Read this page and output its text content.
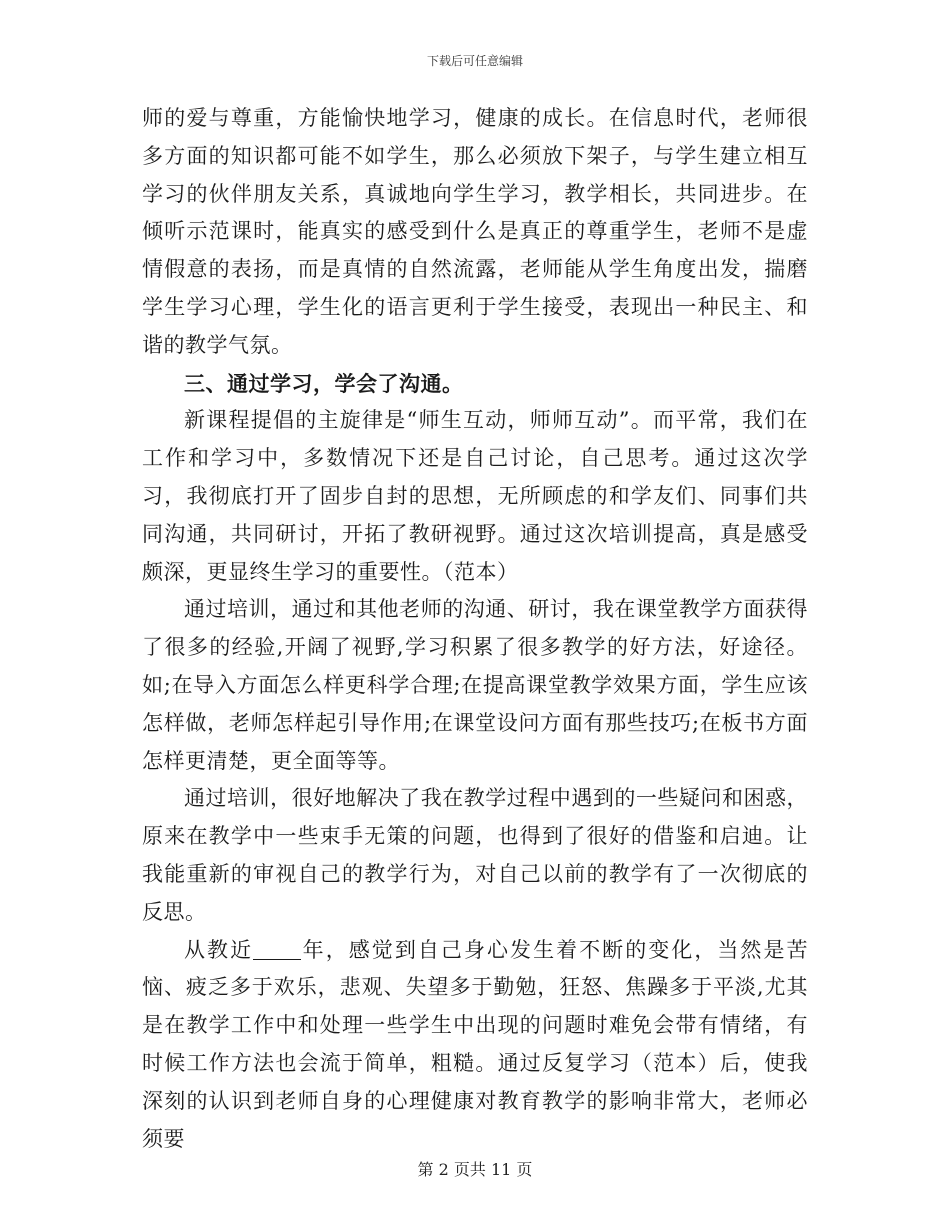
下载后可任意编辑

师的爱与尊重，方能愉快地学习，健康的成长。在信息时代，老师很多方面的知识都可能不如学生，那么必须放下架子，与学生建立相互学习的伙伴朋友关系，真诚地向学生学习，教学相长，共同进步。在倾听示范课时，能真实的感受到什么是真正的尊重学生，老师不是虚情假意的表扬，而是真情的自然流露，老师能从学生角度出发，揣磨学生学习心理，学生化的语言更利于学生接受，表现出一种民主、和谐的教学气氛。

三、通过学习，学会了沟通。

新课程提倡的主旋律是“师生互动，师师互动”。而平常，我们在工作和学习中，多数情况下还是自己讨论，自己思考。通过这次学习，我彻底打开了固步自封的思想，无所顾虑的和学友们、同事们共同沟通，共同研讨，开拓了教研视野。通过这次培训提高，真是感受颇深，更显终生学习的重要性。（范本）

通过培训，通过和其他老师的沟通、研讨，我在课堂教学方面获得了很多的经验,开阔了视野,学习积累了很多教学的好方法，好途径。如;在导入方面怎么样更科学合理;在提高课堂教学效果方面，学生应该怎样做，老师怎样起引导作用;在课堂设问方面有那些技巧;在板书方面怎样更清楚，更全面等等。

通过培训，很好地解决了我在教学过程中遇到的一些疑问和困惑，原来在教学中一些束手无策的问题，也得到了很好的借鉴和启迪。让我能重新的审视自己的教学行为，对自己以前的教学有了一次彻底的反思。

从教近 年，感觉到自己身心发生着不断的变化，当然是苦恼、疲乏多于欢乐，悲观、失望多于勤勉，狂怒、焦躁多于平淡,尤其是在教学工作中和处理一些学生中出现的问题时难免会带有情绪，有时候工作方法也会流于简单，粗糙。通过反复学习（范本）后，使我深刻的认识到老师自身的心理健康对教育教学的影响非常大，老师必须要

第 2 页共 11 页
